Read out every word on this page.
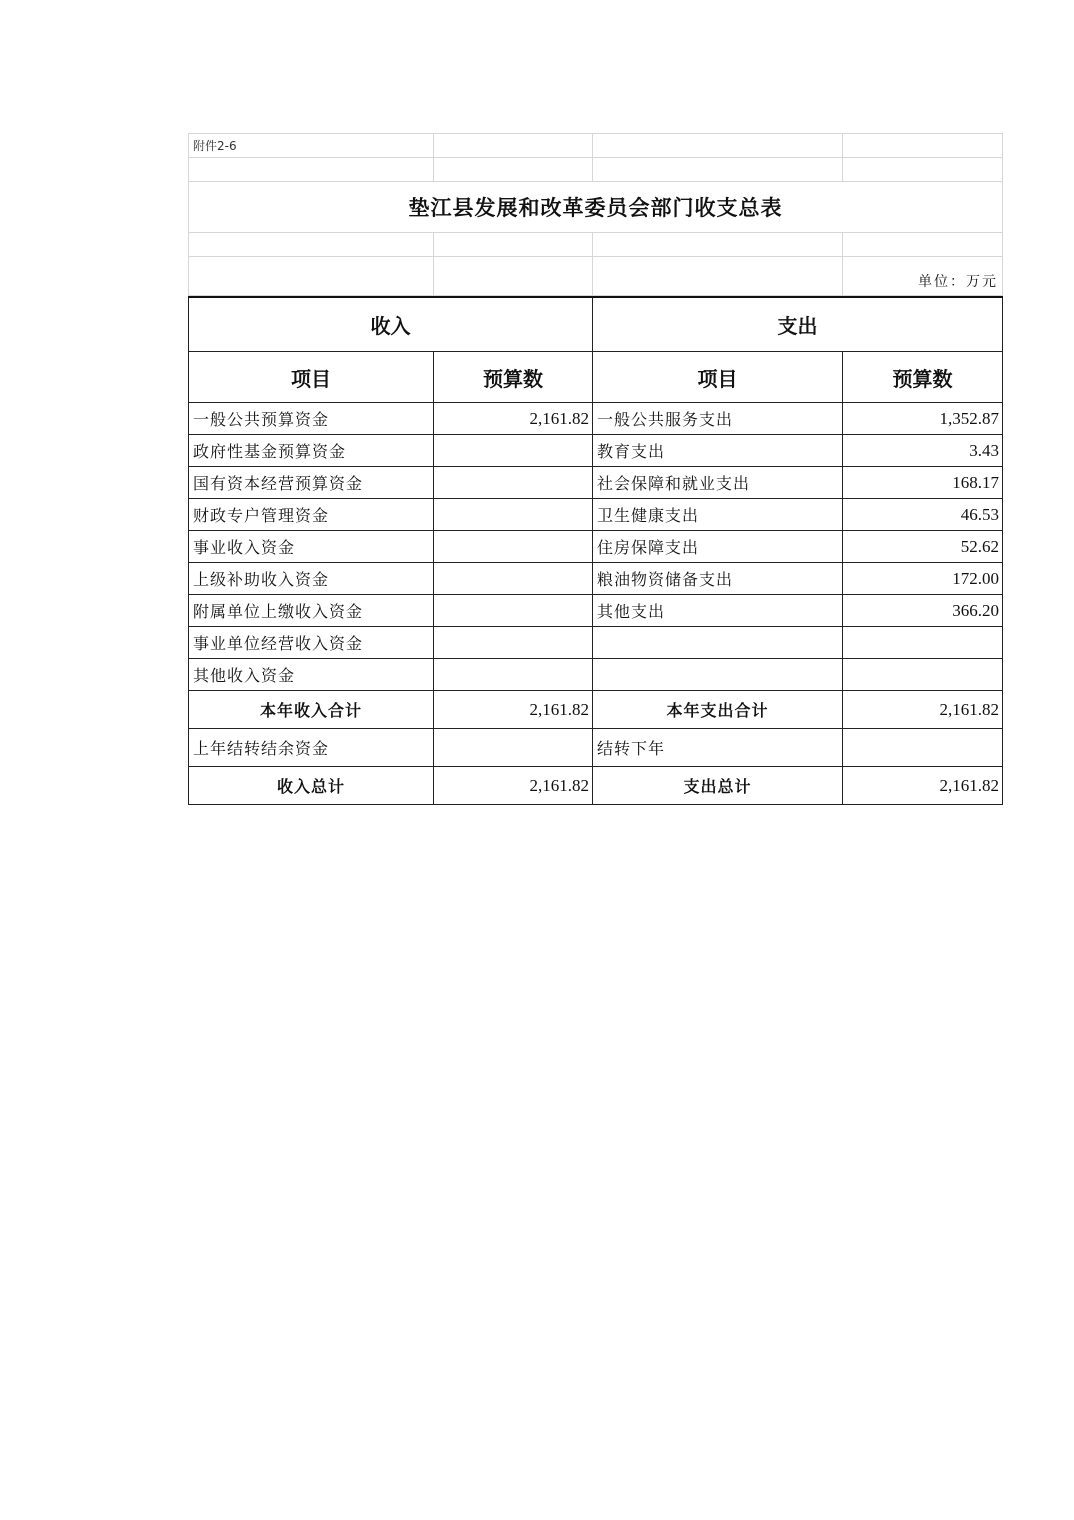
附件2-6			

垫江县发展和改革委员会部门收支总表			

			单位：万元
收入		支出	
项目	预算数	项目	预算数
一般公共预算资金	2,161.82	一般公共服务支出	1,352.87
政府性基金预算资金		教育支出	3.43
国有资本经营预算资金		社会保障和就业支出	168.17
财政专户管理资金		卫生健康支出	46.53
事业收入资金		住房保障支出	52.62
上级补助收入资金		粮油物资储备支出	172.00
附属单位上缴收入资金		其他支出	366.20
事业单位经营收入资金			
其他收入资金			
本年收入合计	2,161.82	本年支出合计	2,161.82
上年结转结余资金		结转下年	
收入总计	2,161.82	支出总计	2,161.82
